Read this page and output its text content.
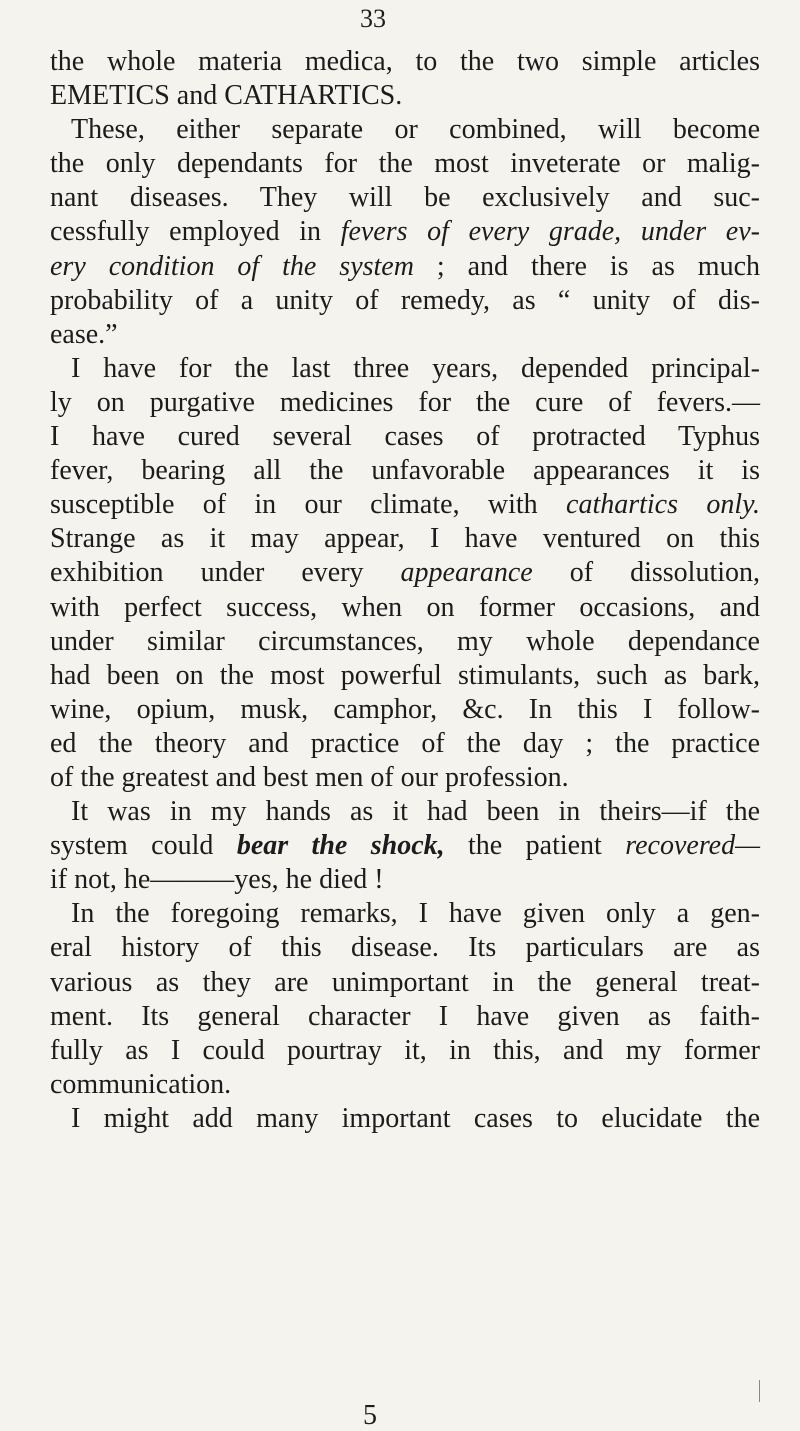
33
the whole materia medica, to the two simple articles
EMETICS and CATHARTICS.
These, either separate or combined, will become
the only dependants for the most inveterate or malig-
nant diseases. They will be exclusively and suc-
cessfully employed in fevers of every grade, under ev-
ery condition of the system ; and there is as much
probability of a unity of remedy, as “ unity of dis-
ease.”
I have for the last three years, depended principal-
ly on purgative medicines for the cure of fevers.—
I have cured several cases of protracted Typhus
fever, bearing all the unfavorable appearances it is
susceptible of in our climate, with cathartics only.
Strange as it may appear, I have ventured on this
exhibition under every appearance of dissolution,
with perfect success, when on former occasions, and
under similar circumstances, my whole dependance
had been on the most powerful stimulants, such as bark,
wine, opium, musk, camphor, &c. In this I follow-
ed the theory and practice of the day ; the practice
of the greatest and best men of our profession.
It was in my hands as it had been in theirs—if the
system could bear the shock, the patient recovered—
if not, he———yes, he died !
In the foregoing remarks, I have given only a gen-
eral history of this disease. Its particulars are as
various as they are unimportant in the general treat-
ment. Its general character I have given as faith-
fully as I could pourtray it, in this, and my former
communication.
I might add many important cases to elucidate the
5
